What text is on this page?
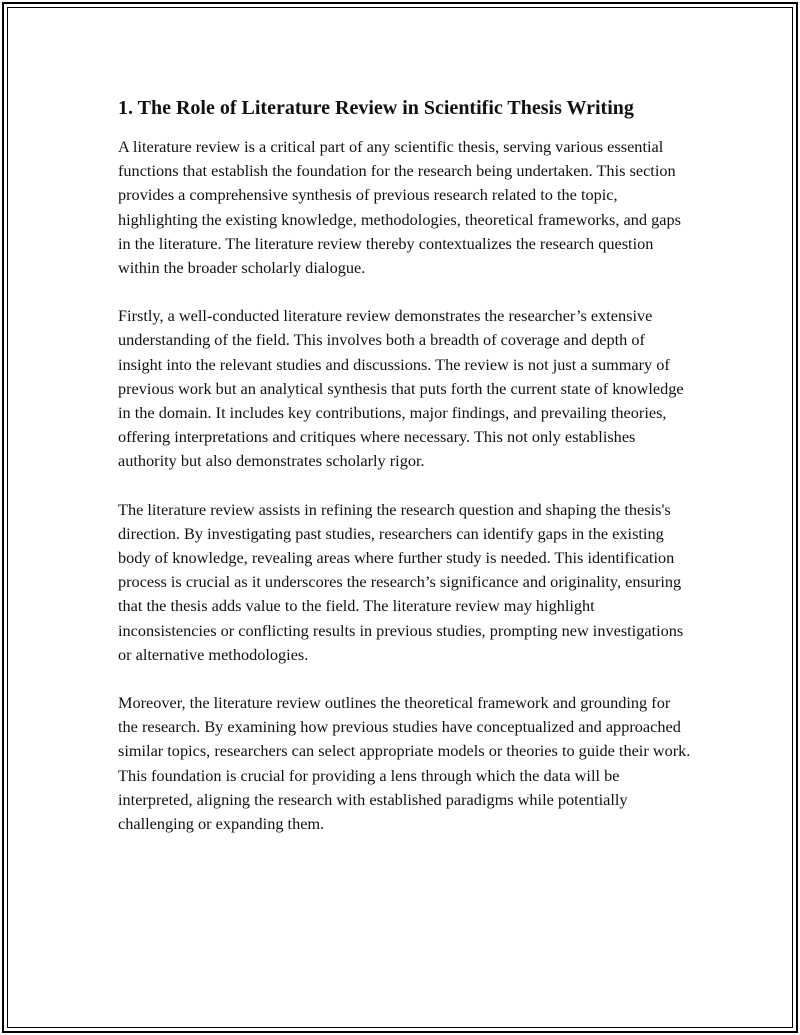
1. The Role of Literature Review in Scientific Thesis Writing

A literature review is a critical part of any scientific thesis, serving various essential functions that establish the foundation for the research being undertaken. This section provides a comprehensive synthesis of previous research related to the topic, highlighting the existing knowledge, methodologies, theoretical frameworks, and gaps in the literature. The literature review thereby contextualizes the research question within the broader scholarly dialogue.

Firstly, a well-conducted literature review demonstrates the researcher’s extensive understanding of the field. This involves both a breadth of coverage and depth of insight into the relevant studies and discussions. The review is not just a summary of previous work but an analytical synthesis that puts forth the current state of knowledge in the domain. It includes key contributions, major findings, and prevailing theories, offering interpretations and critiques where necessary. This not only establishes authority but also demonstrates scholarly rigor.

The literature review assists in refining the research question and shaping the thesis's direction. By investigating past studies, researchers can identify gaps in the existing body of knowledge, revealing areas where further study is needed. This identification process is crucial as it underscores the research’s significance and originality, ensuring that the thesis adds value to the field. The literature review may highlight inconsistencies or conflicting results in previous studies, prompting new investigations or alternative methodologies.

Moreover, the literature review outlines the theoretical framework and grounding for the research. By examining how previous studies have conceptualized and approached similar topics, researchers can select appropriate models or theories to guide their work. This foundation is crucial for providing a lens through which the data will be interpreted, aligning the research with established paradigms while potentially challenging or expanding them.
